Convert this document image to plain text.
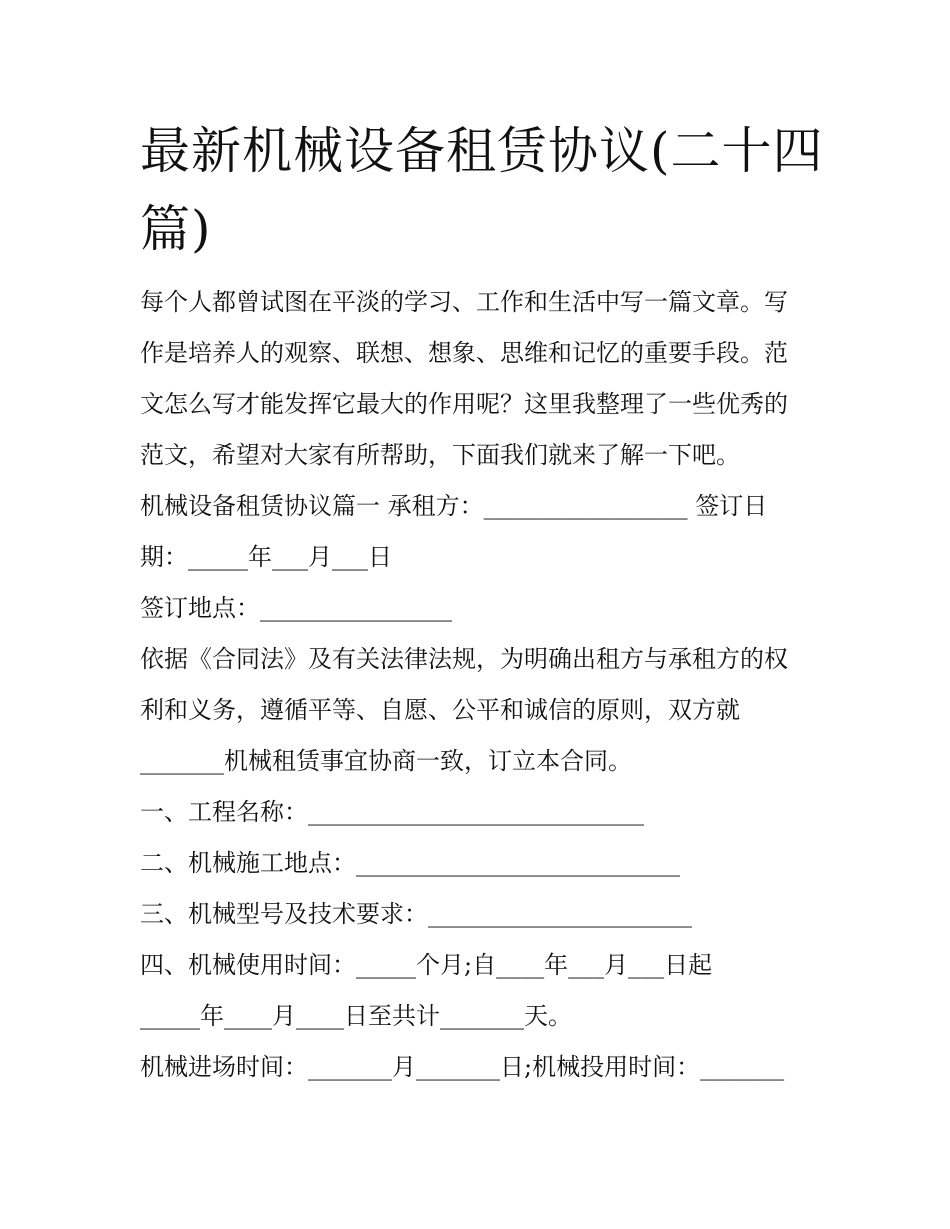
最新机械设备租赁协议(二十四
篇)

每个人都曾试图在平淡的学习、工作和生活中写一篇文章。写

作是培养人的观察、联想、想象、思维和记忆的重要手段。范

文怎么写才能发挥它最大的作用呢？这里我整理了一些优秀的

范文，希望对大家有所帮助，下面我们就来了解一下吧。

机械设备租赁协议篇一 承租方：_________________ 签订日

期：_____年___月___日

签订地点：________________

依据《合同法》及有关法律法规，为明确出租方与承租方的权

利和义务，遵循平等、自愿、公平和诚信的原则，双方就

_______机械租赁事宜协商一致，订立本合同。

一、工程名称：____________________________

二、机械施工地点：___________________________

三、机械型号及技术要求：______________________

四、机械使用时间：_____个月;自____年___月___日起

_____年____月____日至共计_______天。

机械进场时间：_______月_______日;机械投用时间：_______
